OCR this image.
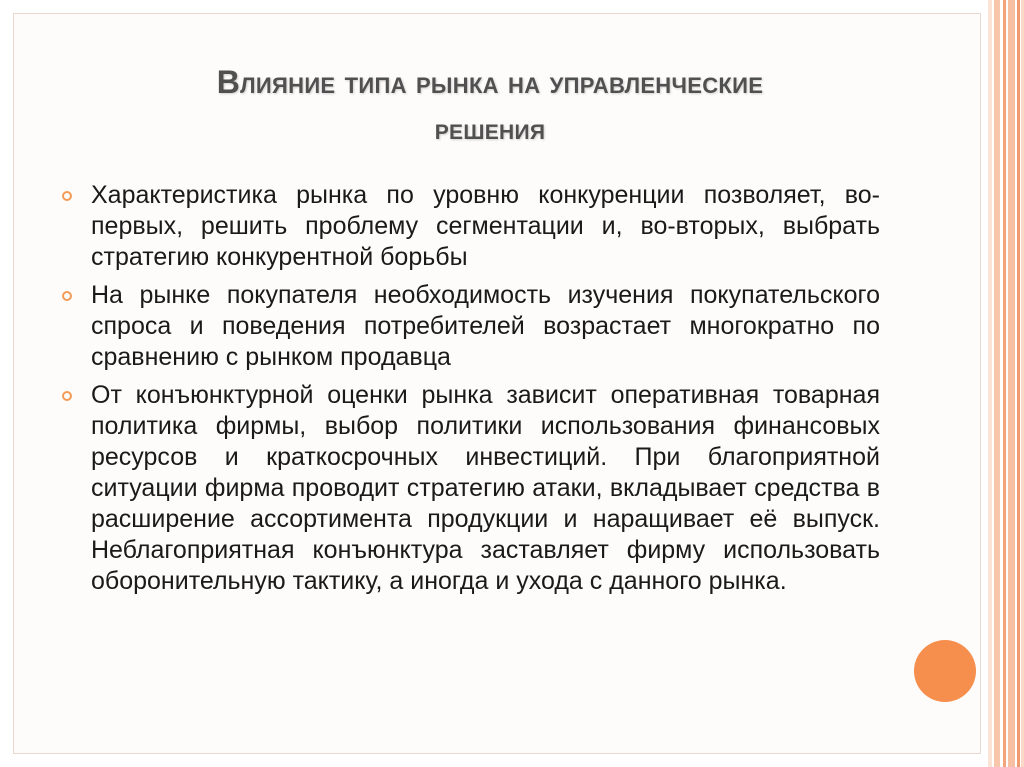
Влияние типа рынка на управленческие
решения
Характеристика рынка по уровню конкуренции позволяет, во-первых, решить проблему сегментации и, во-вторых, выбрать стратегию конкурентной борьбы
На рынке покупателя необходимость изучения покупательского спроса и поведения потребителей возрастает многократно по сравнению с рынком продавца
От конъюнктурной оценки рынка зависит оперативная товарная политика фирмы, выбор политики использования финансовых ресурсов и краткосрочных инвестиций. При благоприятной ситуации фирма проводит стратегию атаки, вкладывает средства в расширение ассортимента продукции и наращивает её выпуск. Неблагоприятная конъюнктура заставляет фирму использовать оборонительную тактику, а иногда и ухода с данного рынка.
